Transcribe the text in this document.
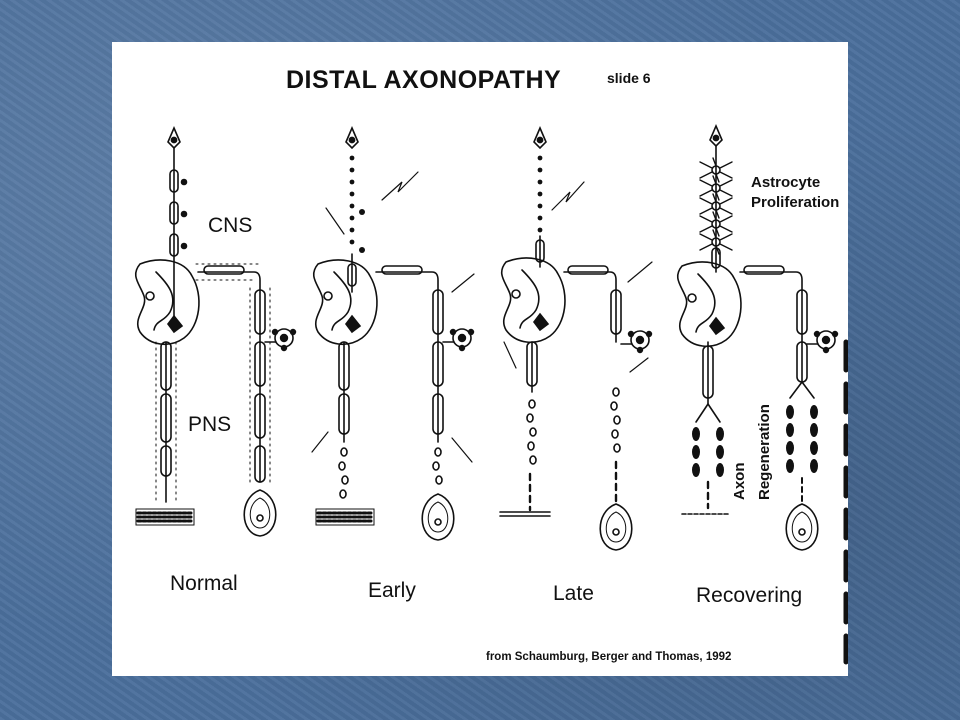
DISTAL AXONOPATHY	slide 6
CNS
PNS
Astrocyte
Proliferation
Axon Regeneration
Normal	Early	Late	Recovering
from Schaumburg, Berger and Thomas, 1992
